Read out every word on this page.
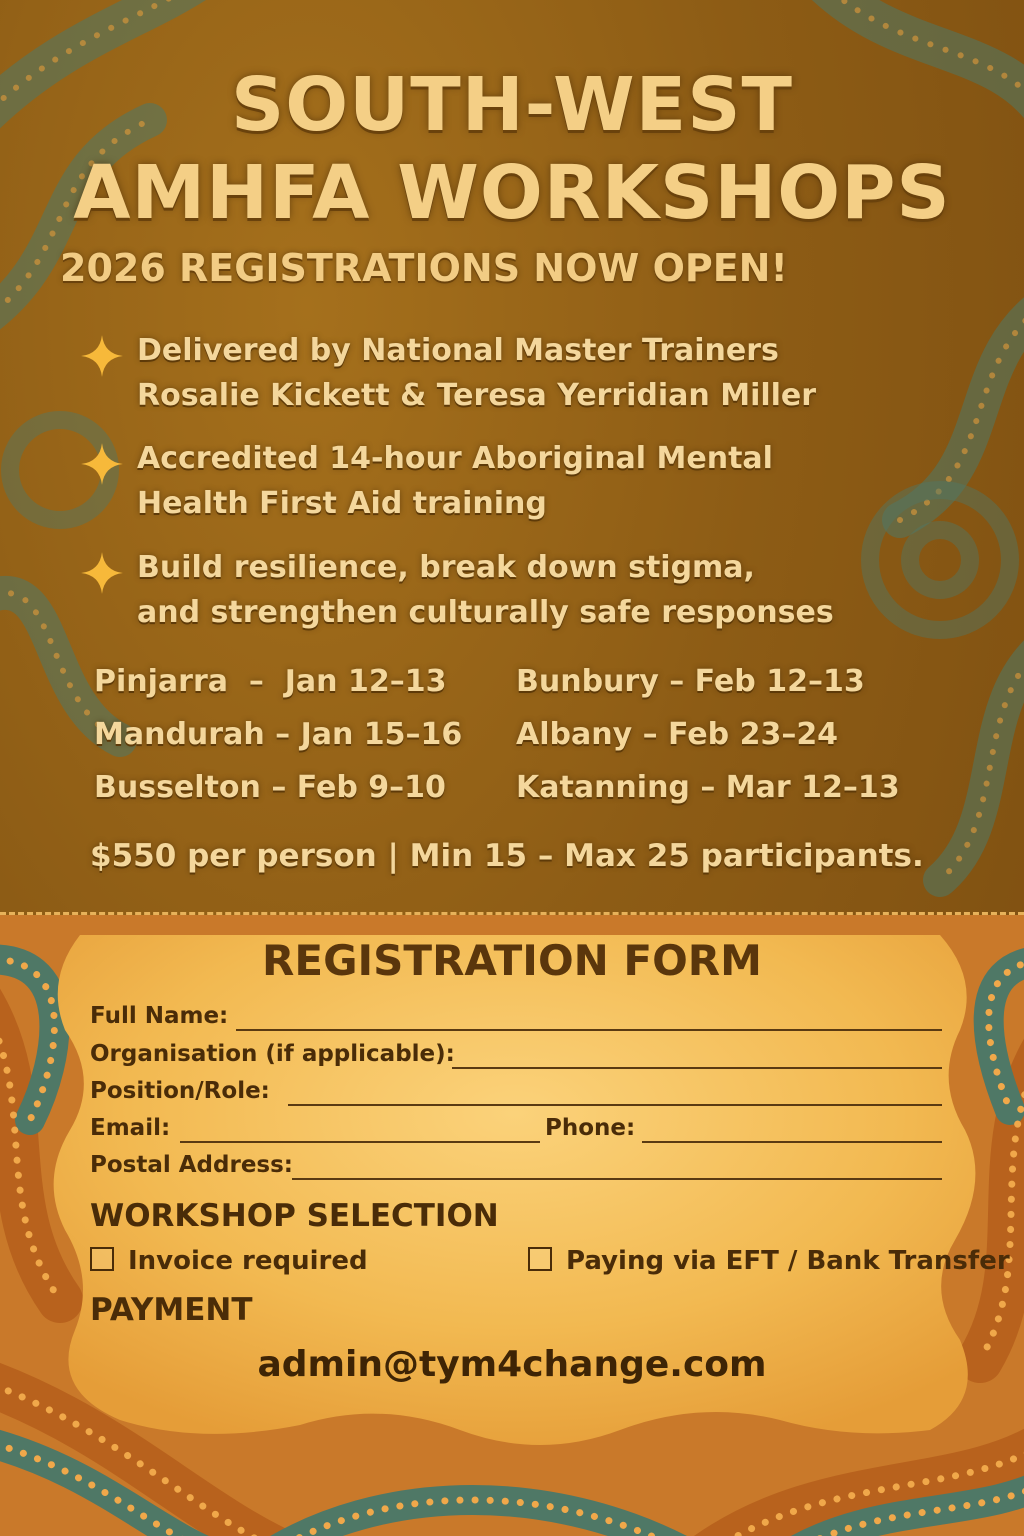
SOUTH-WEST
AMHFA WORKSHOPS
2026 REGISTRATIONS NOW OPEN!
Delivered by National Master Trainers
Rosalie Kickett & Teresa Yerridian Miller
Accredited 14-hour Aboriginal Mental
Health First Aid training
Build resilience, break down stigma,
and strengthen culturally safe responses
Pinjarra  –  Jan 12–13
Mandurah – Jan 15–16
Busselton – Feb 9–10
Bunbury – Feb 12–13
Albany – Feb 23–24
Katanning – Mar 12–13
$550 per person | Min 15 – Max 25 participants.
REGISTRATION FORM
Full Name:
Organisation (if applicable):
Position/Role:
Email:	Phone:
Postal Address:
WORKSHOP SELECTION
Invoice required	Paying via EFT / Bank Transfer
PAYMENT
admin@tym4change.com
